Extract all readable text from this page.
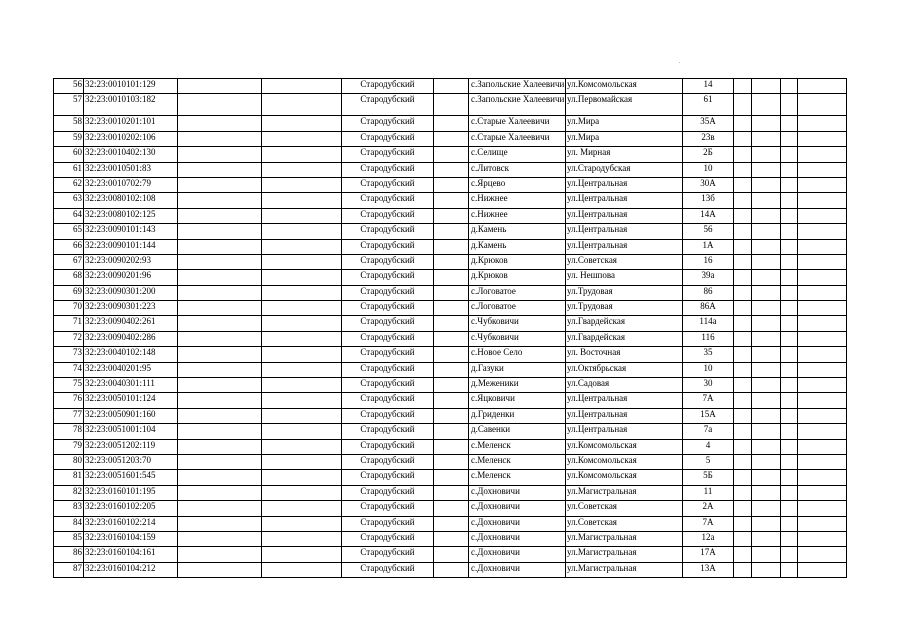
56	32:23:0010101:129			Стародубский		с.Запольские Халеевичи	ул.Комсомольская	14				
57	32:23:0010103:182			Стародубский		с.Запольские Халеевичи	ул.Первомайская	61				
58	32:23:0010201:101			Стародубский		с.Старые Халеевичи	ул.Мира	35А				
59	32:23:0010202:106			Стародубский		с.Старые Халеевичи	ул.Мира	23в				
60	32:23:0010402:130			Стародубский		с.Селище	ул. Мирная	2Б				
61	32:23:0010501:83			Стародубский		с.Литовск	ул.Стародубская	10				
62	32:23:0010702:79			Стародубский		с.Ярцево	ул.Центральная	30А				
63	32:23:0080102:108			Стародубский		с.Нижнее	ул.Центральная	13б				
64	32:23:0080102:125			Стародубский		с.Нижнее	ул.Центральная	14А				
65	32:23:0090101:143			Стародубский		д.Камень	ул.Центральная	56				
66	32:23:0090101:144			Стародубский		д.Камень	ул.Центральная	1А				
67	32:23:0090202:93			Стародубский		д.Крюков	ул.Советская	16				
68	32:23:0090201:96			Стародубский		д.Крюков	ул. Нешпова	39а				
69	32:23:0090301:200			Стародубский		с.Логоватое	ул.Трудовая	86				
70	32:23:0090301:223			Стародубский		с.Логоватое	ул.Трудовая	86А				
71	32:23:0090402:261			Стародубский		с.Чубковичи	ул.Гвардейская	114а				
72	32:23:0090402:286			Стародубский		с.Чубковичи	ул.Гвардейская	116				
73	32:23:0040102:148			Стародубский		с.Новое Село	ул. Восточная	35				
74	32:23:0040201:95			Стародубский		д.Газуки	ул.Октябрьская	10				
75	32:23:0040301:111			Стародубский		д.Меженики	ул.Садовая	30				
76	32:23:0050101:124			Стародубский		с.Яцковичи	ул.Центральная	7А				
77	32:23:0050901:160			Стародубский		д.Гриденки	ул.Центральная	15А				
78	32:23:0051001:104			Стародубский		д.Савенки	ул.Центральная	7а				
79	32:23:0051202:119			Стародубский		с.Меленск	ул.Комсомольская	4				
80	32:23:0051203:70			Стародубский		с.Меленск	ул.Комсомольская	5				
81	32:23:0051601:545			Стародубский		с.Меленск	ул.Комсомольская	5Б				
82	32:23:0160101:195			Стародубский		с.Дохновичи	ул.Магистральная	11				
83	32:23:0160102:205			Стародубский		с.Дохновичи	ул.Советская	2А				
84	32:23:0160102:214			Стародубский		с.Дохновичи	ул.Советская	7А				
85	32:23:0160104:159			Стародубский		с.Дохновичи	ул.Магистральная	12а				
86	32:23:0160104:161			Стародубский		с.Дохновичи	ул.Магистральная	17А				
87	32:23:0160104:212			Стародубский		с.Дохновичи	ул.Магистральная	13А				
